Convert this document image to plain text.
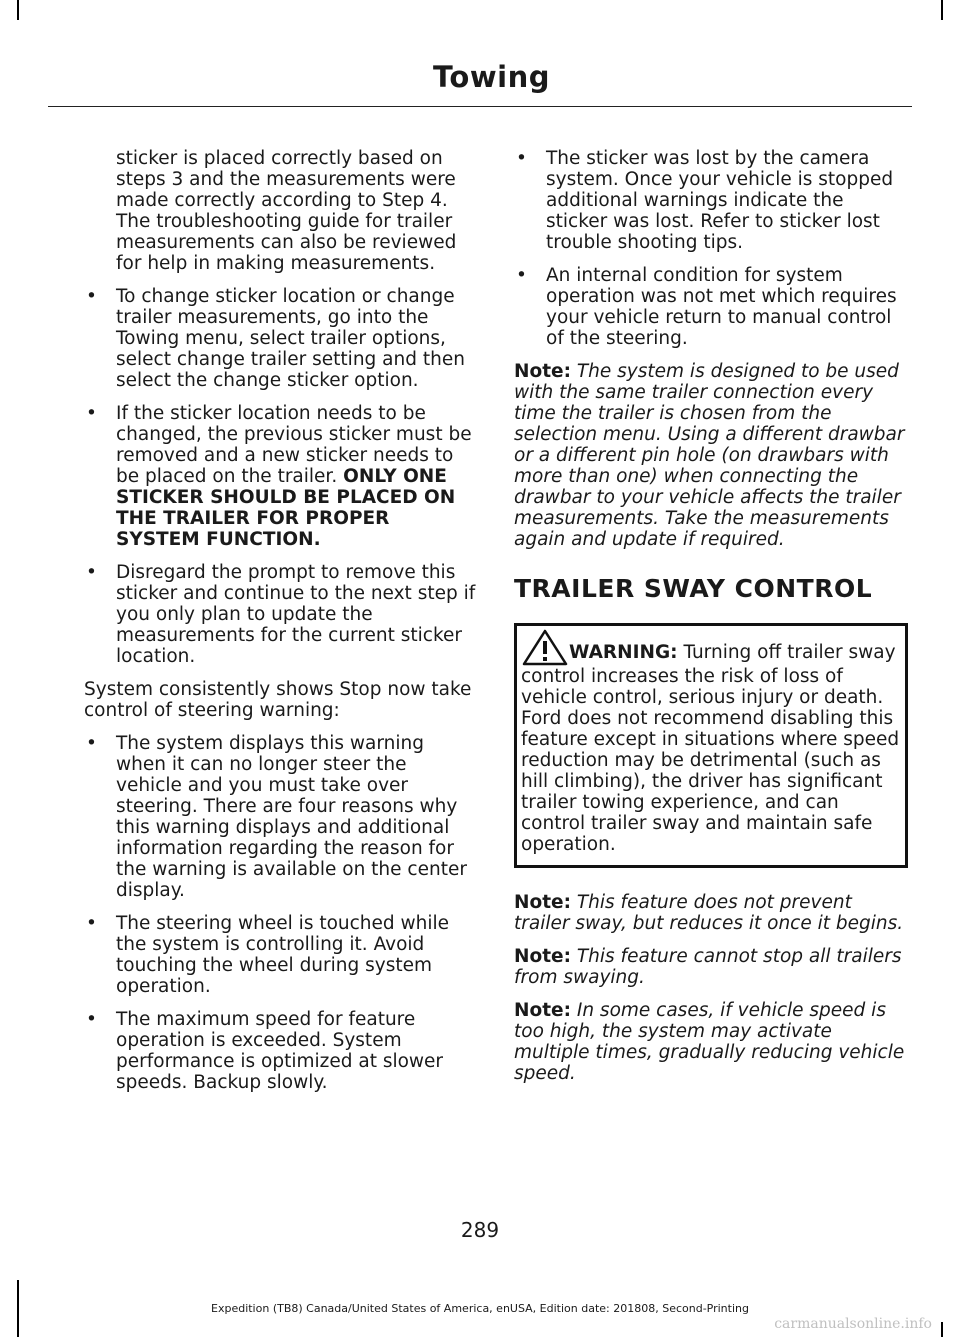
Towing

sticker is placed correctly based on steps 3 and the measurements were made correctly according to Step 4. The troubleshooting guide for trailer measurements can also be reviewed for help in making measurements.

• To change sticker location or change trailer measurements, go into the Towing menu, select trailer options, select change trailer setting and then select the change sticker option.
• If the sticker location needs to be changed, the previous sticker must be removed and a new sticker needs to be placed on the trailer. ONLY ONE STICKER SHOULD BE PLACED ON THE TRAILER FOR PROPER SYSTEM FUNCTION.
• Disregard the prompt to remove this sticker and continue to the next step if you only plan to update the measurements for the current sticker location.

System consistently shows Stop now take control of steering warning:

• The system displays this warning when it can no longer steer the vehicle and you must take over steering. There are four reasons why this warning displays and additional information regarding the reason for the warning is available on the center display.
• The steering wheel is touched while the system is controlling it. Avoid touching the wheel during system operation.
• The maximum speed for feature operation is exceeded. System performance is optimized at slower speeds. Backup slowly.
• The sticker was lost by the camera system. Once your vehicle is stopped additional warnings indicate the sticker was lost. Refer to sticker lost trouble shooting tips.
• An internal condition for system operation was not met which requires your vehicle return to manual control of the steering.

Note: The system is designed to be used with the same trailer connection every time the trailer is chosen from the selection menu. Using a different drawbar or a different pin hole (on drawbars with more than one) when connecting the drawbar to your vehicle affects the trailer measurements. Take the measurements again and update if required.

TRAILER SWAY CONTROL
WARNING: Turning off trailer sway
control increases the risk of loss of vehicle control, serious injury or death. Ford does not recommend disabling this feature except in situations where speed reduction may be detrimental (such as hill climbing), the driver has significant trailer towing experience, and can control trailer sway and maintain safe operation.

Note: This feature does not prevent trailer sway, but reduces it once it begins.

Note: This feature cannot stop all trailers from swaying.

Note: In some cases, if vehicle speed is too high, the system may activate multiple times, gradually reducing vehicle speed.

289
Expedition (TB8) Canada/United States of America, enUSA, Edition date: 201808, Second-Printing
carmanualsonline.info
